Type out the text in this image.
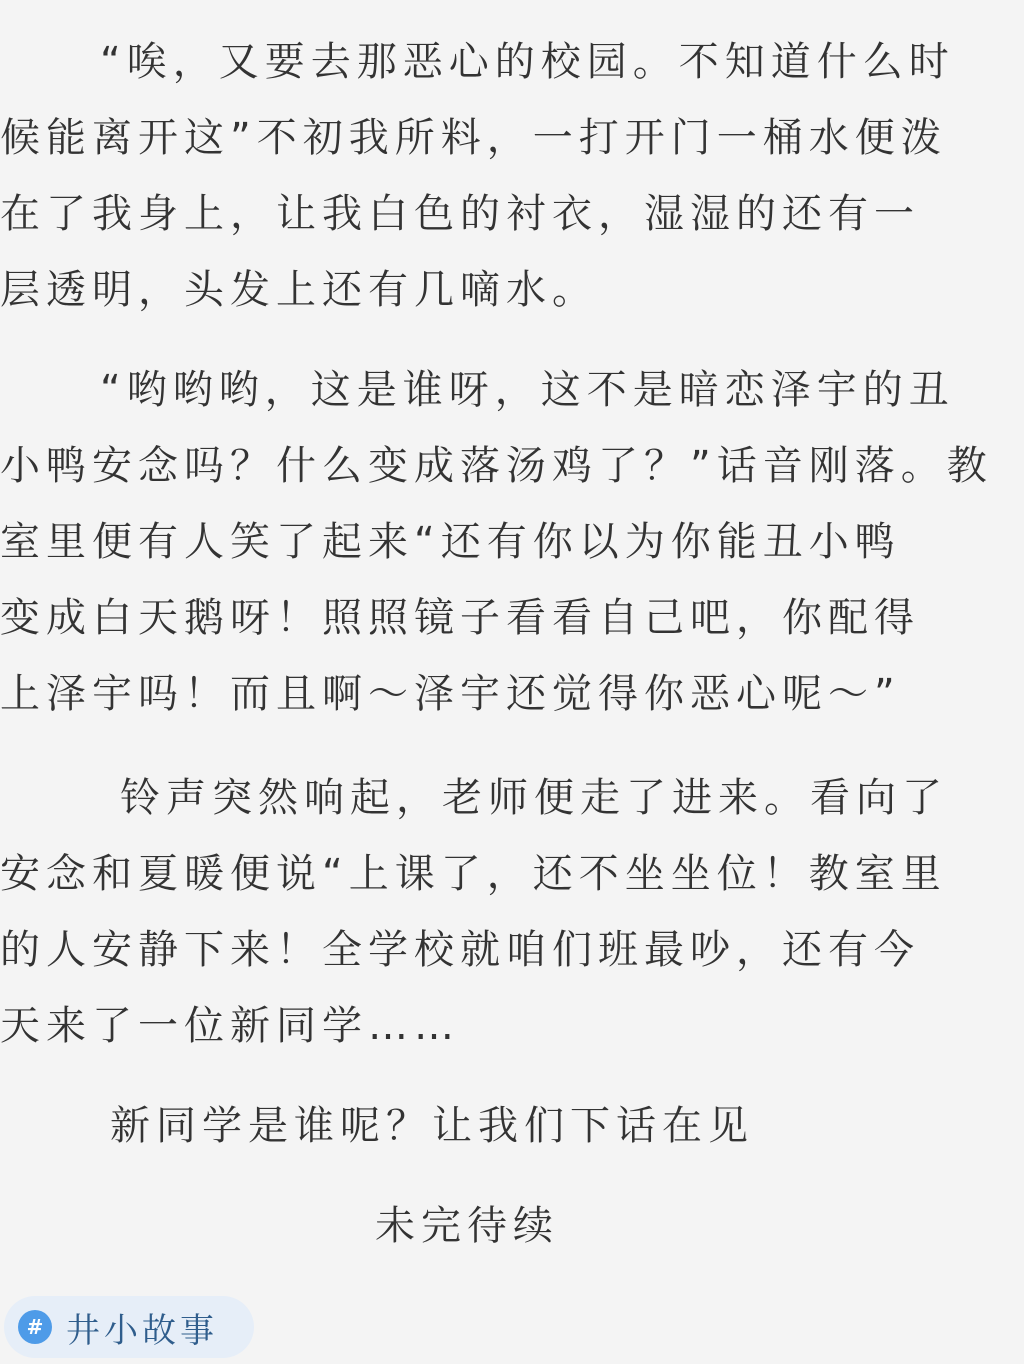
“唉，又要去那恶心的校园。不知道什么时
候能离开这”不初我所料，一打开门一桶水便泼
在了我身上，让我白色的衬衣，湿湿的还有一
层透明，头发上还有几嘀水。
“哟哟哟，这是谁呀，这不是暗恋泽宇的丑
小鸭安念吗？什么变成落汤鸡了？”话音刚落。教
室里便有人笑了起来“还有你以为你能丑小鸭
变成白天鹅呀！照照镜子看看自己吧，你配得
上泽宇吗！而且啊～泽宇还觉得你恶心呢～”
铃声突然响起，老师便走了进来。看向了
安念和夏暖便说“上课了，还不坐坐位！教室里
的人安静下来！全学校就咱们班最吵，还有今
天来了一位新同学……
新同学是谁呢？让我们下话在见
未完待续
# 井小故事
